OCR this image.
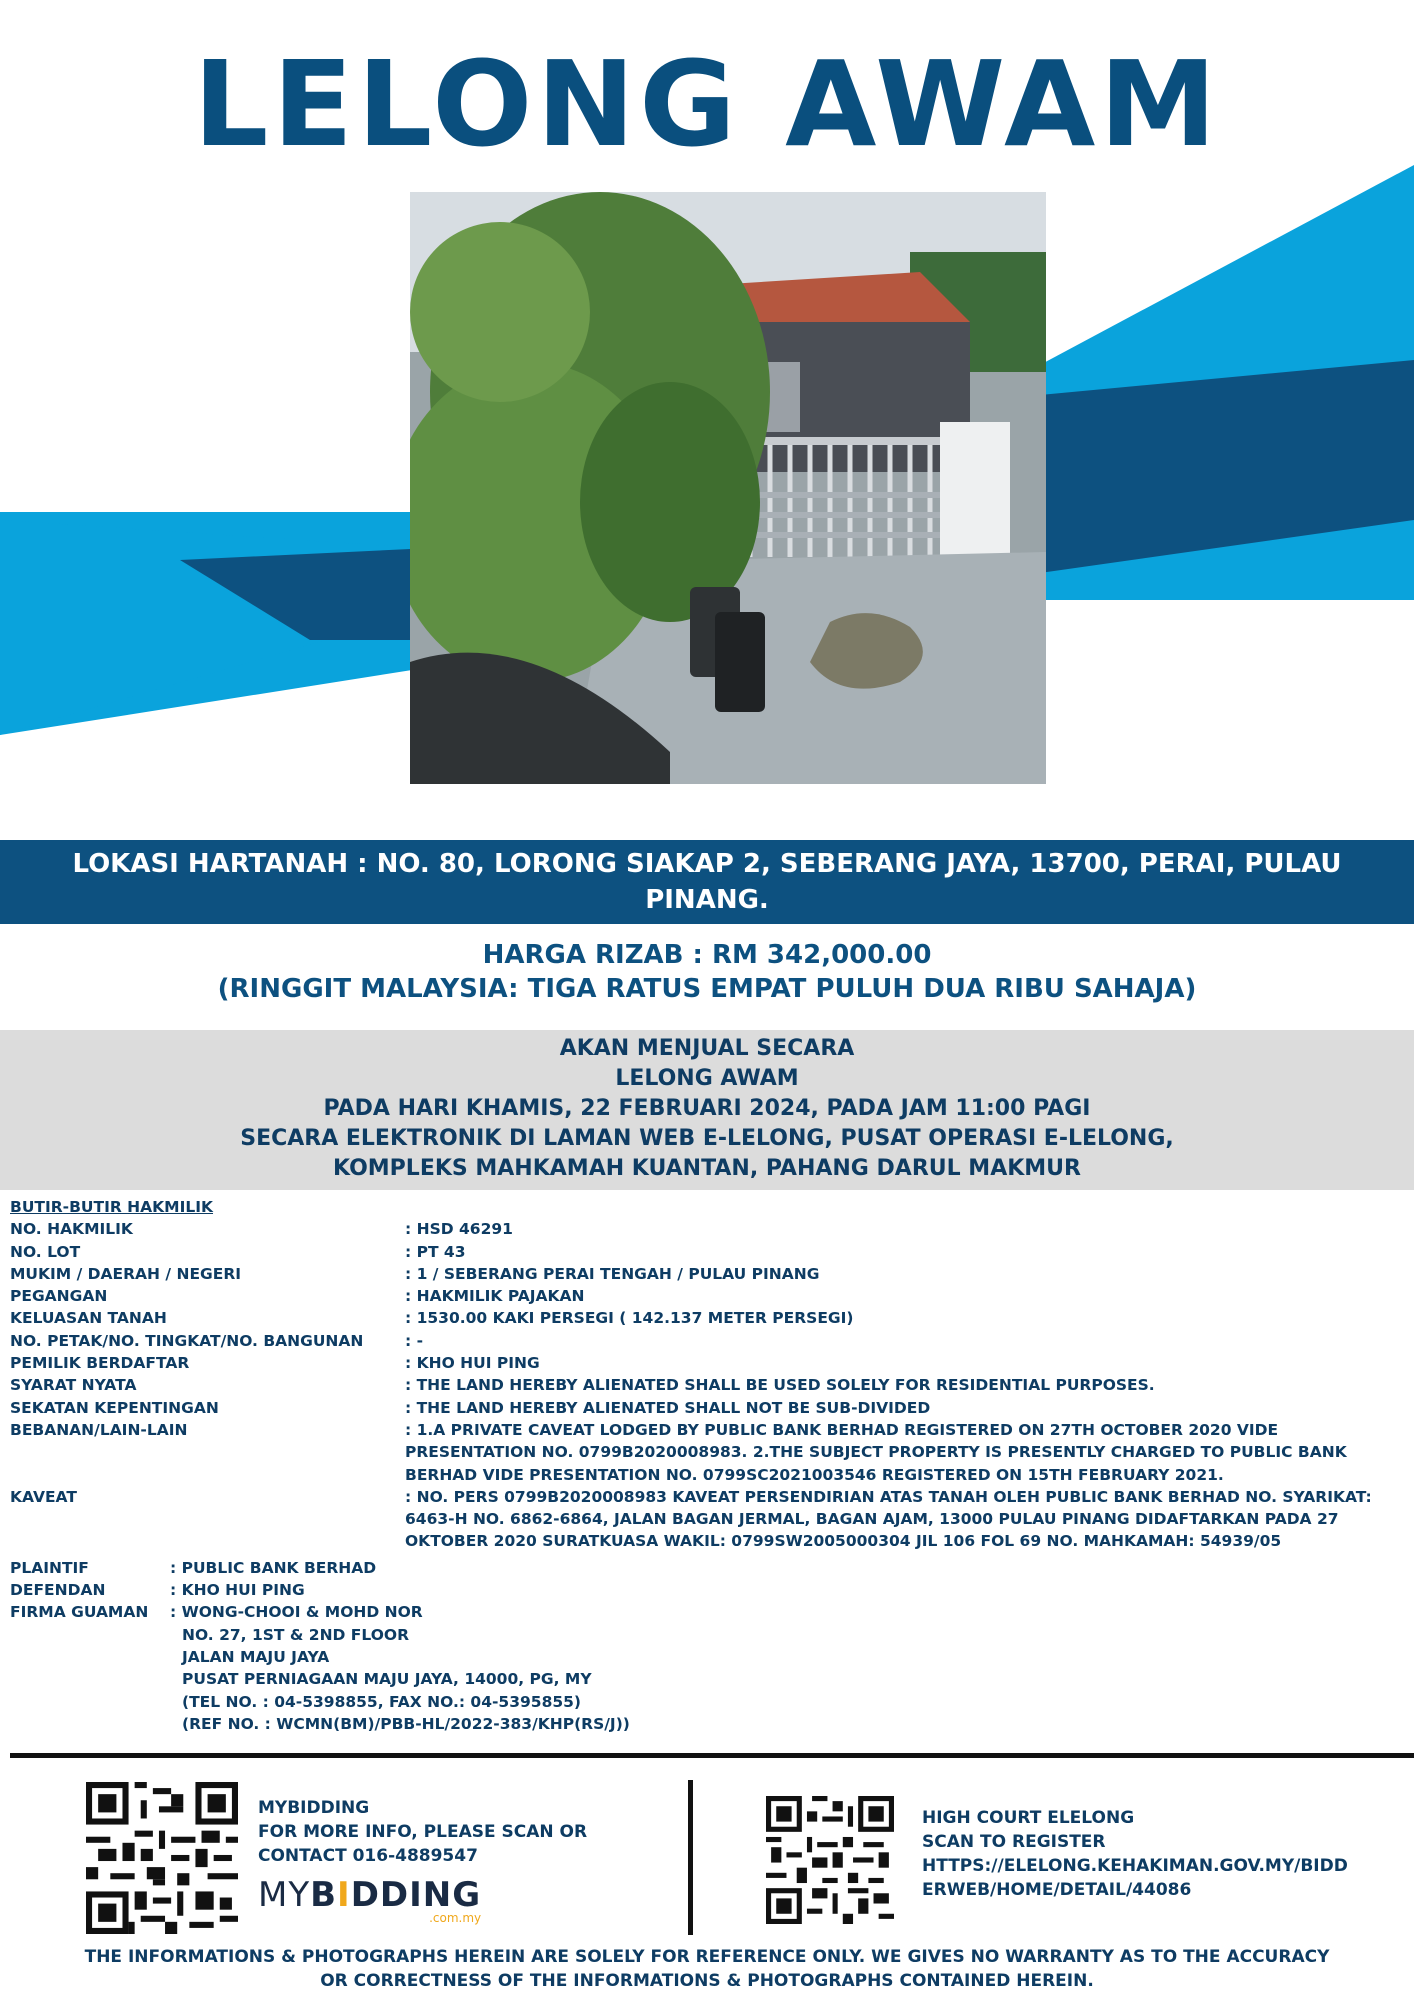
LELONG AWAM
LOKASI HARTANAH : NO. 80, LORONG SIAKAP 2, SEBERANG JAYA, 13700, PERAI, PULAU PINANG.
HARGA RIZAB : RM 342,000.00
(RINGGIT MALAYSIA: TIGA RATUS EMPAT PULUH DUA RIBU SAHAJA)
AKAN MENJUAL SECARA
LELONG AWAM
PADA HARI KHAMIS, 22 FEBRUARI 2024, PADA JAM 11:00 PAGI
SECARA ELEKTRONIK DI LAMAN WEB E-LELONG, PUSAT OPERASI E-LELONG,
KOMPLEKS MAHKAMAH KUANTAN, PAHANG DARUL MAKMUR
BUTIR-BUTIR HAKMILIK
NO. HAKMILIK	: HSD 46291
NO. LOT	: PT 43
MUKIM / DAERAH / NEGERI	: 1 / SEBERANG PERAI TENGAH / PULAU PINANG
PEGANGAN	: HAKMILIK PAJAKAN
KELUASAN TANAH	: 1530.00 KAKI PERSEGI ( 142.137 METER PERSEGI)
NO. PETAK/NO. TINGKAT/NO. BANGUNAN	: -
PEMILIK BERDAFTAR	: KHO HUI PING
SYARAT NYATA	: THE LAND HEREBY ALIENATED SHALL BE USED SOLELY FOR RESIDENTIAL PURPOSES.
SEKATAN KEPENTINGAN	: THE LAND HEREBY ALIENATED SHALL NOT BE SUB-DIVIDED
BEBANAN/LAIN-LAIN	: 1.A PRIVATE CAVEAT LODGED BY PUBLIC BANK BERHAD REGISTERED ON 27TH OCTOBER 2020 VIDE PRESENTATION NO. 0799B2020008983. 2.THE SUBJECT PROPERTY IS PRESENTLY CHARGED TO PUBLIC BANK BERHAD VIDE PRESENTATION NO. 0799SC2021003546 REGISTERED ON 15TH FEBRUARY 2021.
KAVEAT	: NO. PERS 0799B2020008983 KAVEAT PERSENDIRIAN ATAS TANAH OLEH PUBLIC BANK BERHAD NO. SYARIKAT: 6463-H NO. 6862-6864, JALAN BAGAN JERMAL, BAGAN AJAM, 13000 PULAU PINANG DIDAFTARKAN PADA 27 OKTOBER 2020 SURATKUASA WAKIL: 0799SW2005000304 JIL 106 FOL 69 NO. MAHKAMAH: 54939/05
PLAINTIF	: PUBLIC BANK BERHAD
DEFENDAN	: KHO HUI PING
FIRMA GUAMAN	: WONG-CHOOI & MOHD NOR
NO. 27, 1ST & 2ND FLOOR
JALAN MAJU JAYA
PUSAT PERNIAGAAN MAJU JAYA, 14000, PG, MY
(TEL NO. : 04-5398855, FAX NO.: 04-5395855)
(REF NO. : WCMN(BM)/PBB-HL/2022-383/KHP(RS/J))
MYBIDDING
FOR MORE INFO, PLEASE SCAN OR
CONTACT 016-4889547
MYBIDDING
.com.my
HIGH COURT ELELONG
SCAN TO REGISTER
HTTPS://ELELONG.KEHAKIMAN.GOV.MY/BIDD
ERWEB/HOME/DETAIL/44086
THE INFORMATIONS & PHOTOGRAPHS HEREIN ARE SOLELY FOR REFERENCE ONLY. WE GIVES NO WARRANTY AS TO THE ACCURACY OR CORRECTNESS OF THE INFORMATIONS & PHOTOGRAPHS CONTAINED HEREIN.
